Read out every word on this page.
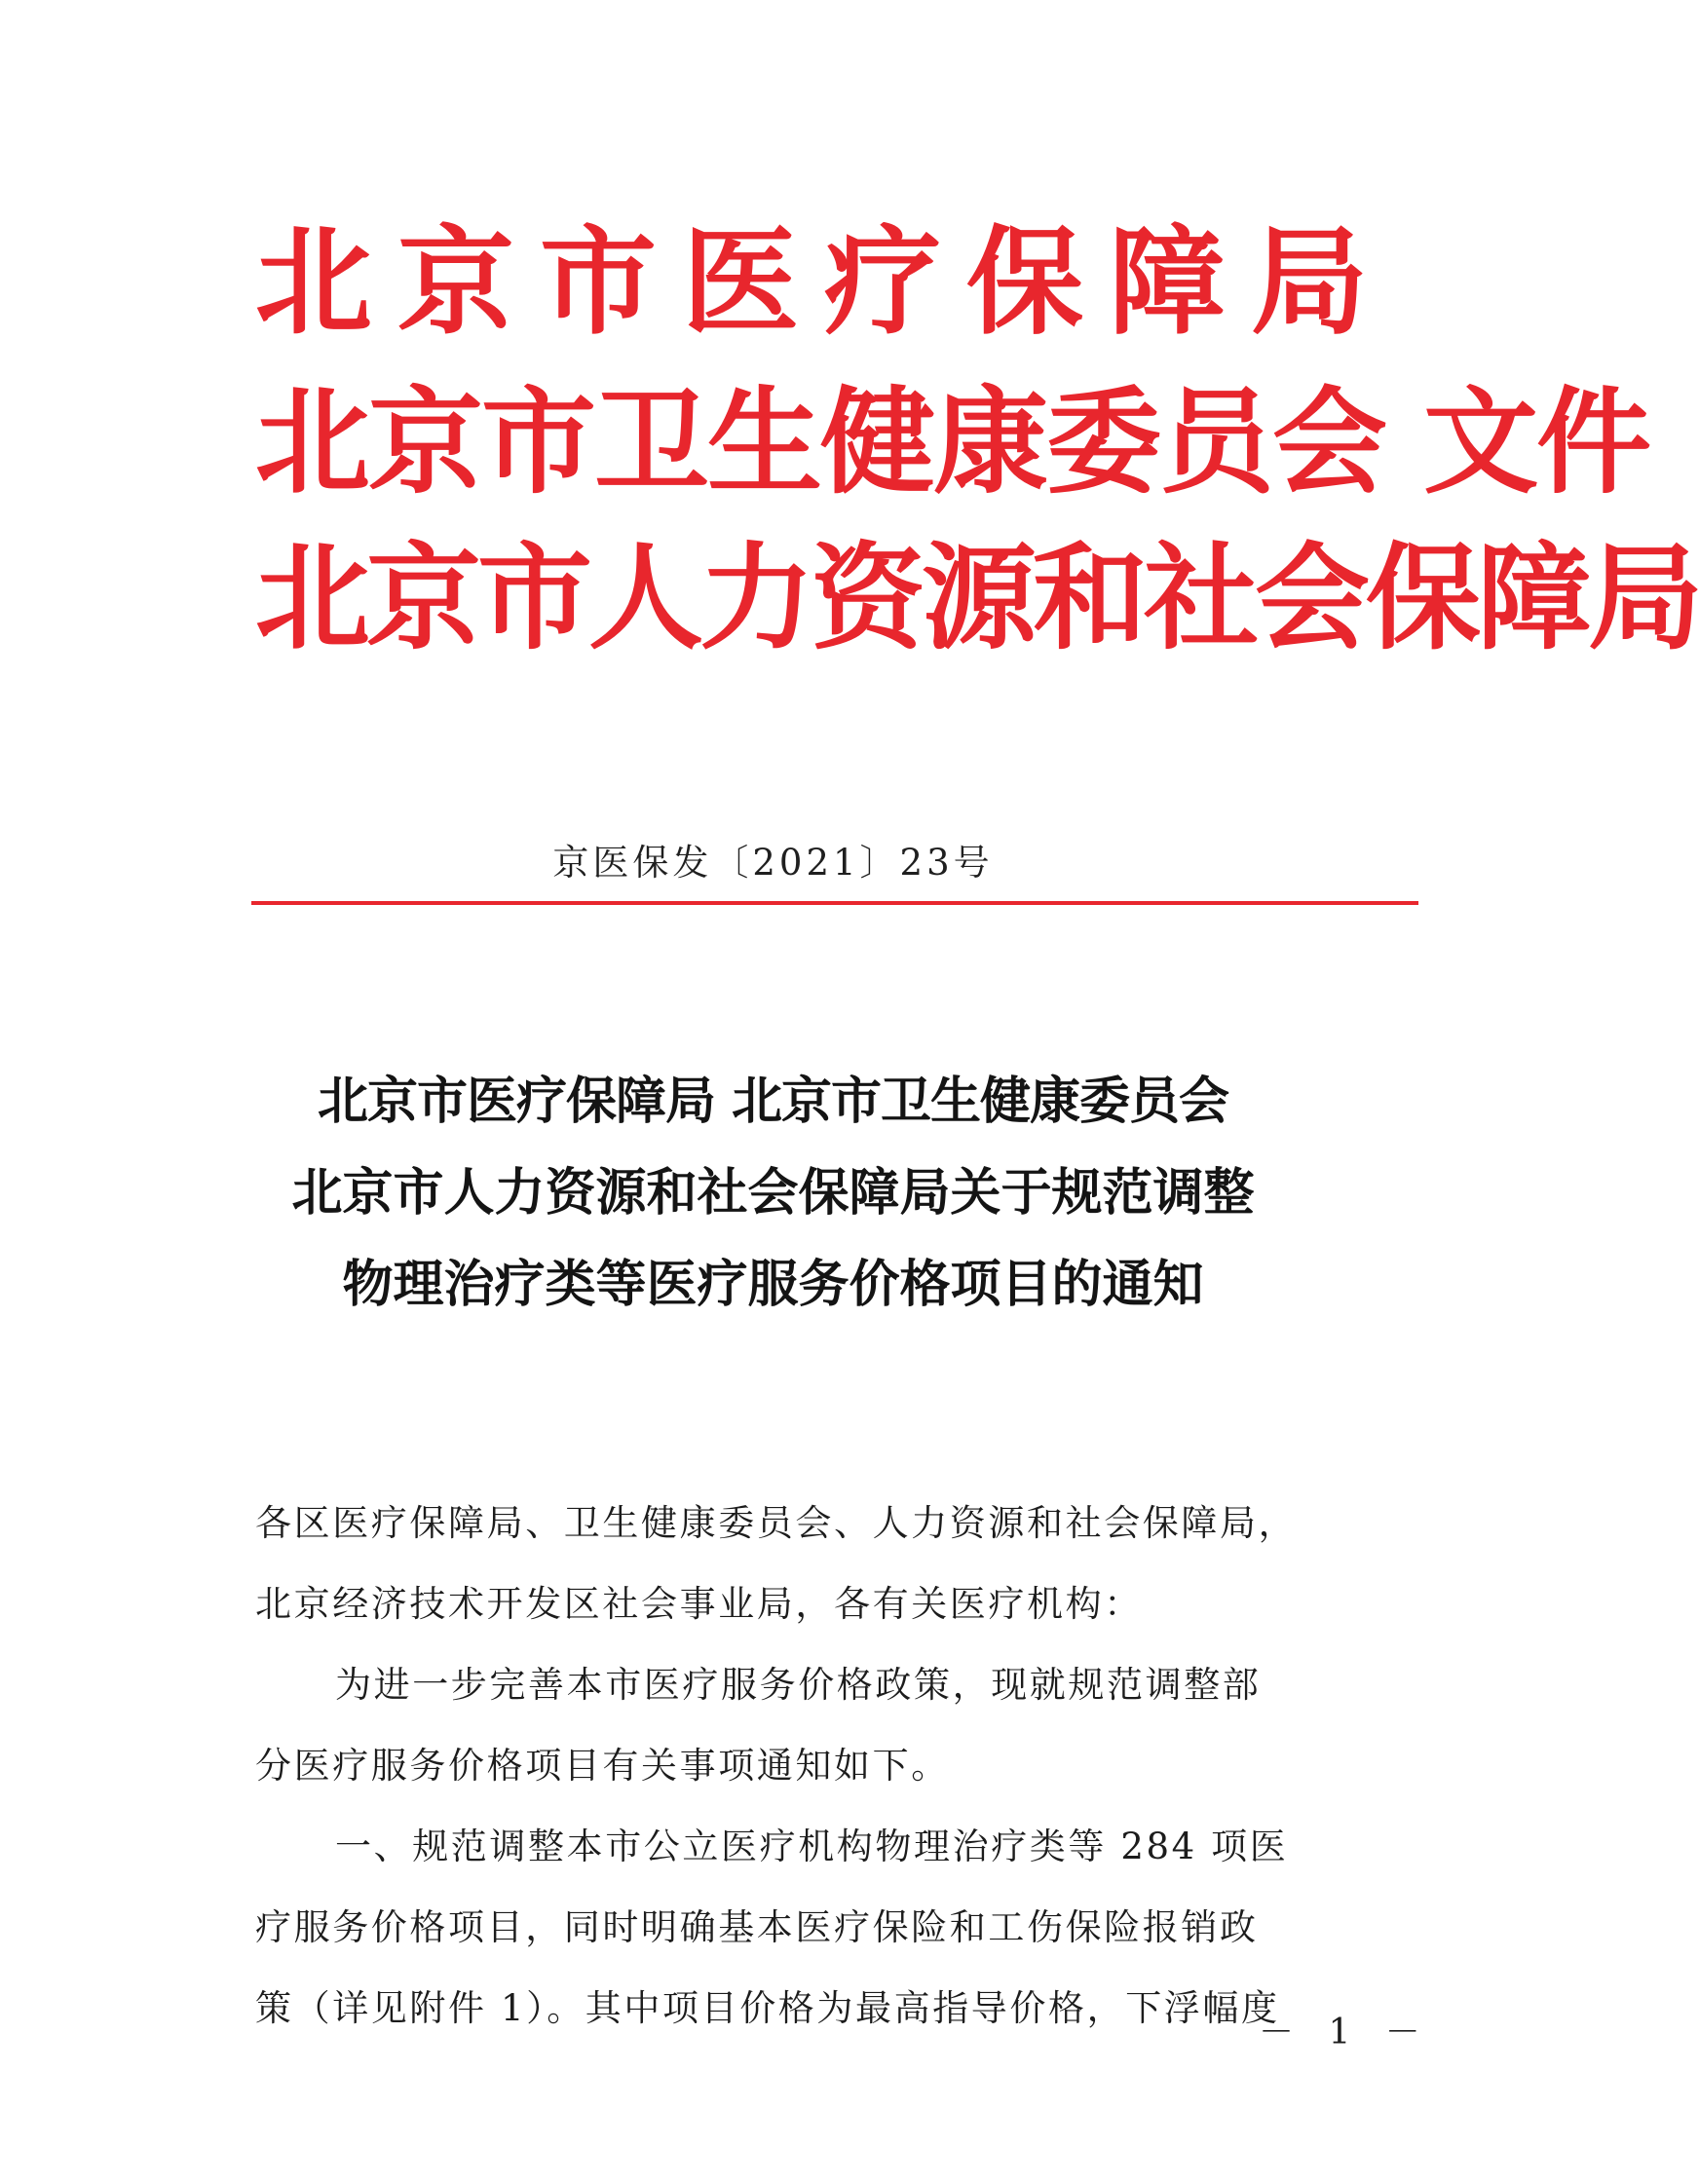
北京市医疗保障局
北京市卫生健康委员会 文件
北京市人力资源和社会保障局
京医保发〔2021〕23号
北京市医疗保障局 北京市卫生健康委员会
北京市人力资源和社会保障局关于规范调整
物理治疗类等医疗服务价格项目的通知
各区医疗保障局、卫生健康委员会、人力资源和社会保障局，
北京经济技术开发区社会事业局，各有关医疗机构：
为进一步完善本市医疗服务价格政策，现就规范调整部
分医疗服务价格项目有关事项通知如下。
一、规范调整本市公立医疗机构物理治疗类等 284 项医
疗服务价格项目，同时明确基本医疗保险和工伤保险报销政
策（详见附件 1）。其中项目价格为最高指导价格，下浮幅度
－ 1 －
